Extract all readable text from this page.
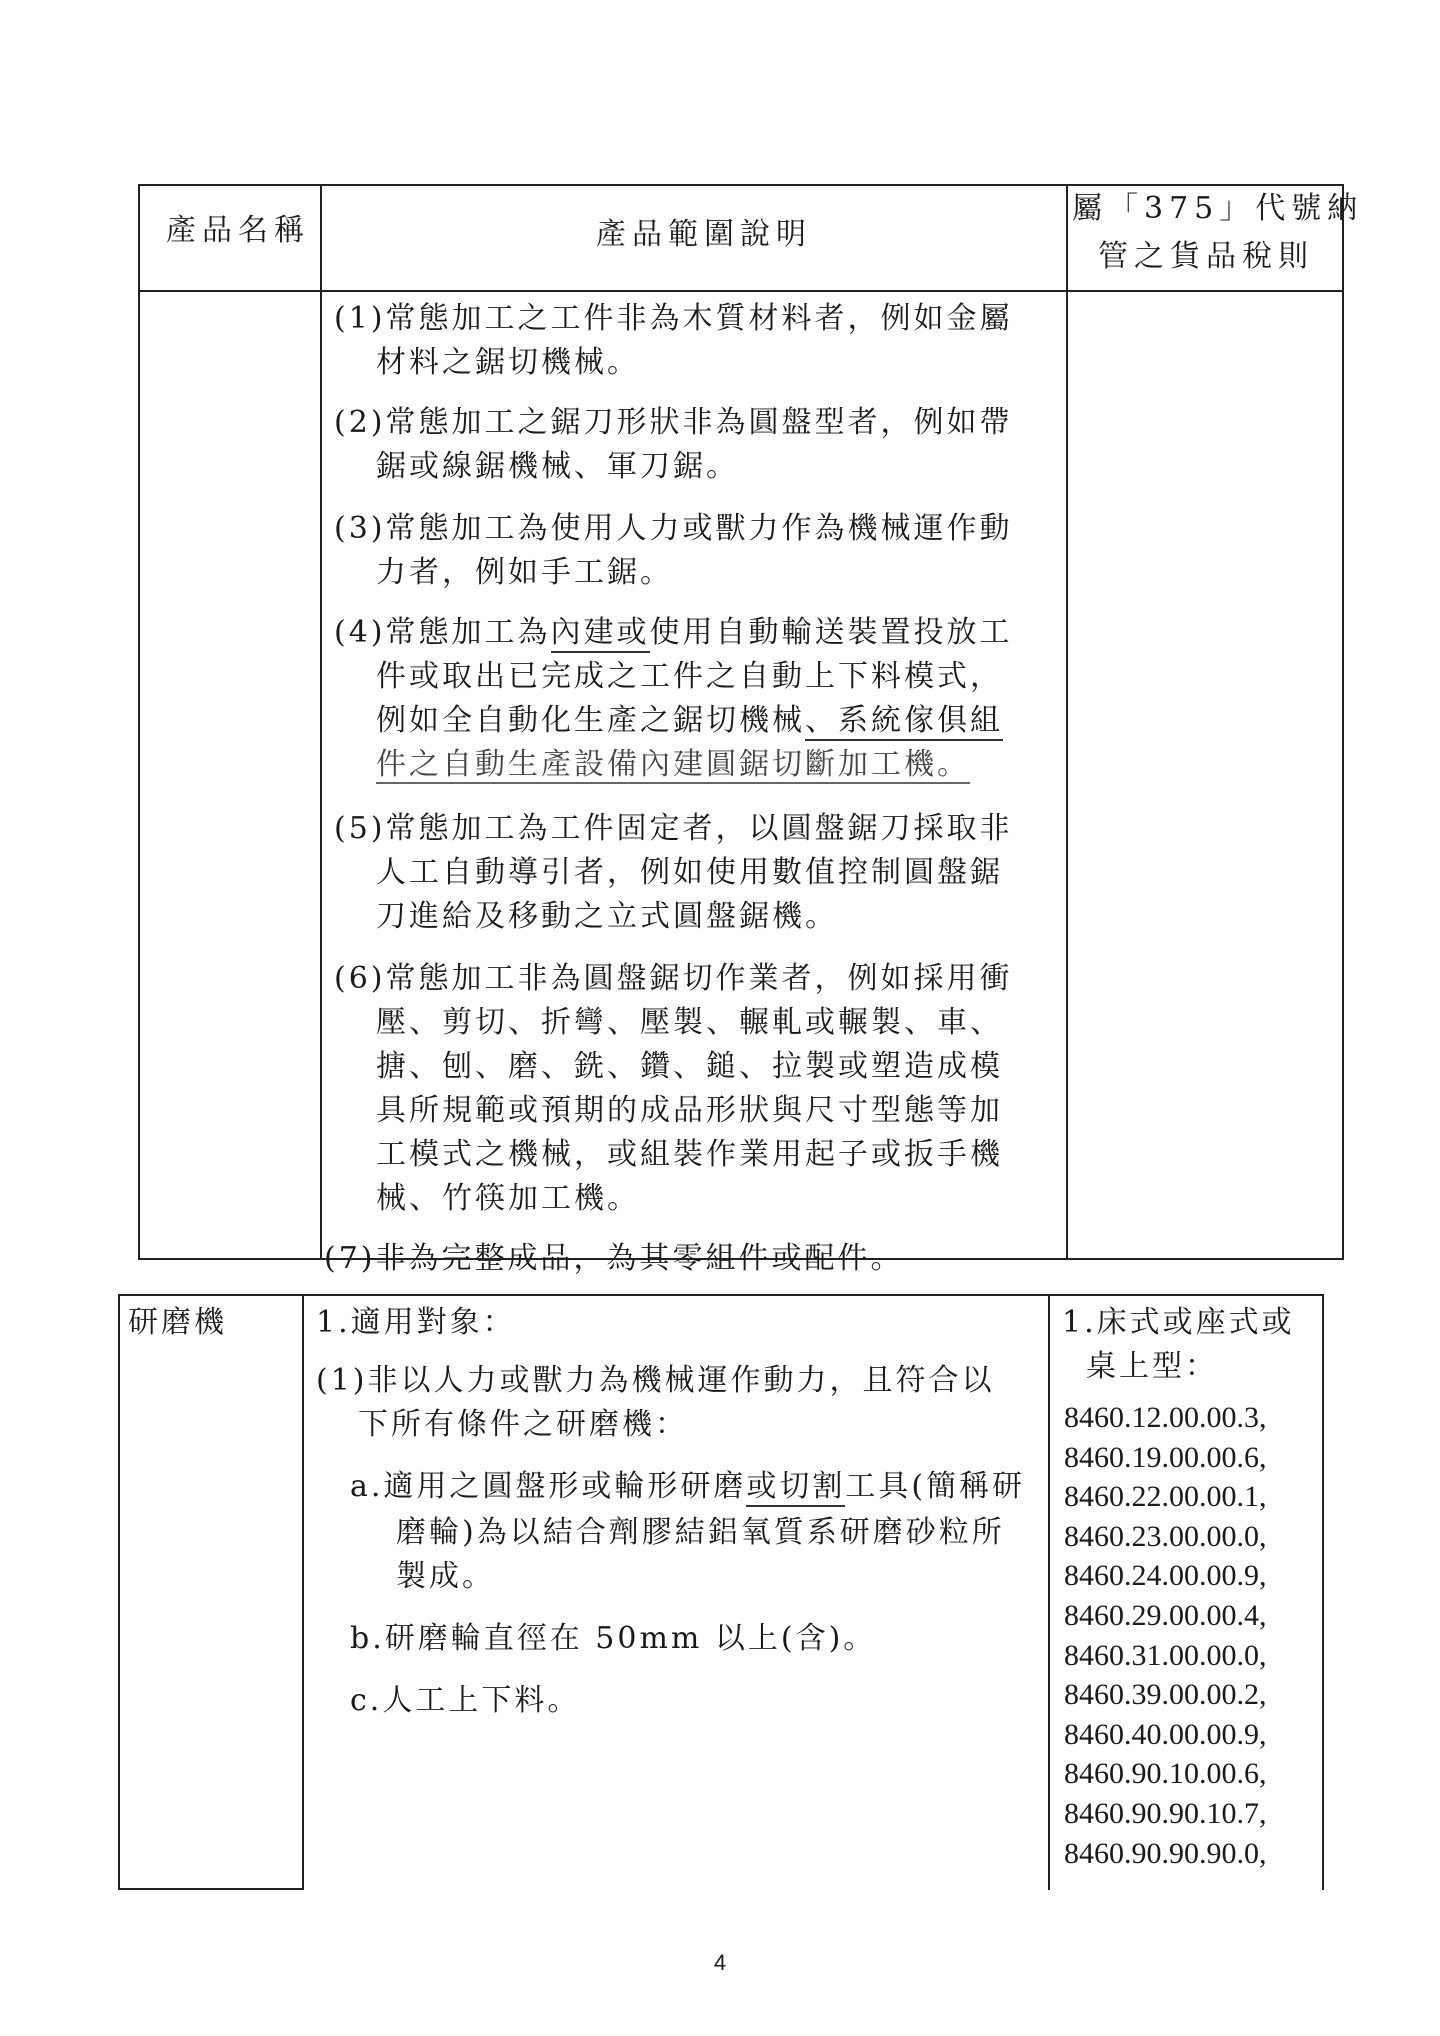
產品名稱	產品範圍說明
屬「375」代號納
管之貨品稅則
(1)常態加工之工件非為木質材料者，例如金屬
材料之鋸切機械。
(2)常態加工之鋸刀形狀非為圓盤型者，例如帶
鋸或線鋸機械、軍刀鋸。
(3)常態加工為使用人力或獸力作為機械運作動
力者，例如手工鋸。
(4)常態加工為內建或使用自動輸送裝置投放工
件或取出已完成之工件之自動上下料模式，
例如全自動化生產之鋸切機械、系統傢俱組
件之自動生產設備內建圓鋸切斷加工機。
(5)常態加工為工件固定者，以圓盤鋸刀採取非
人工自動導引者，例如使用數值控制圓盤鋸
刀進給及移動之立式圓盤鋸機。
(6)常態加工非為圓盤鋸切作業者，例如採用衝
壓、剪切、折彎、壓製、輾軋或輾製、車、
搪、刨、磨、銑、鑽、鎚、拉製或塑造成模
具所規範或預期的成品形狀與尺寸型態等加
工模式之機械，或組裝作業用起子或扳手機
械、竹筷加工機。
(7)非為完整成品，為其零組件或配件。
研磨機	1.適用對象：
(1)非以人力或獸力為機械運作動力，且符合以
下所有條件之研磨機：
a.適用之圓盤形或輪形研磨或切割工具(簡稱研
磨輪)為以結合劑膠結鋁氧質系研磨砂粒所
製成。
b.研磨輪直徑在 50mm 以上(含)。
c.人工上下料。
1.床式或座式或
桌上型：
8460.12.00.00.3,
8460.19.00.00.6,
8460.22.00.00.1,
8460.23.00.00.0,
8460.24.00.00.9,
8460.29.00.00.4,
8460.31.00.00.0,
8460.39.00.00.2,
8460.40.00.00.9,
8460.90.10.00.6,
8460.90.90.10.7,
8460.90.90.90.0,
4
